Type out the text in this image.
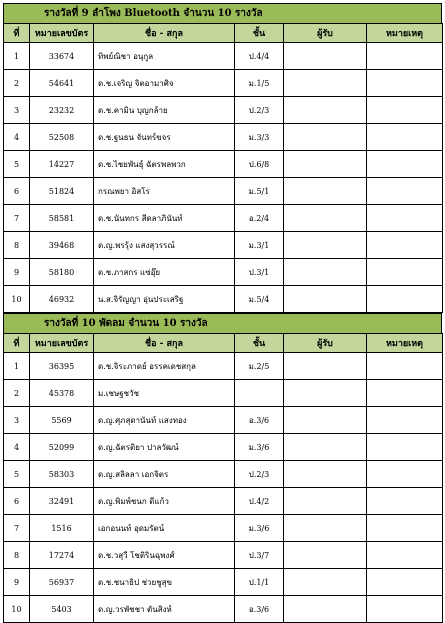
รางวัลที่ 9 ลำโพง Bluetooth จำนวน 10 รางวัล
ที่	หมายเลขบัตร	ชื่อ - สกุล	ชั้น	ผู้รับ	หมายเหตุ
1	33674	ทิพย์ณิชา อนุกูล	ป.4/4		
2	54641	ด.ช.เจริญ จิตอามาศิจ	ม.1/5		
3	23232	ด.ช.คามิน บุญกล้าย	ป.2/3		
4	52508	ด.ช.ฐนธน จันทร์ขจร	ม.3/3		
5	14227	ด.ช.ไชยพันธุ์ ฉัตรพลพวก	ป.6/8		
6	51824	กรณพยา อิสโร	ม.5/1		
7	58581	ด.ช.นันทกร สีดลาภินันท์	อ.2/4		
8	39468	ด.ญ.พรรุ้ง แสงสุวรรณ์	ม.3/1		
9	58180	ด.ช.ภาสกร แซ่อุ๊ย	ป.3/1		
10	46932	น.ส.จิรัญญา อุ่นประเสริฐ	ม.5/4		
รางวัลที่ 10 พัดลม จำนวน 10 รางวัล
ที่	หมายเลขบัตร	ชื่อ - สกุล	ชั้น	ผู้รับ	หมายเหตุ
1	36395	ด.ช.จิระภาดย์ อรรคเดชสกุล	ม.2/5		
2	45378	ม.เชษฐชวัช			
3	5569	ด.ญ.ศุภสุดานันท์ แสงทอง	อ.3/6		
4	52099	ด.ญ.ฉัตรติยา ปาลวัฒน์	ม.3/6		
5	58303	ด.ญ.สลิลลา เอกจิตร	ป.2/3		
6	32491	ด.ญ.พิมพ์ชนก ดีแก้ว	ป.4/2		
7	1516	เอกอนนท์ อุดมรัตน์	ม.3/6		
8	17274	ด.ช.วสุวี โชติรินฉุพงศ์	ป.3/7		
9	56937	ด.ช.ชนาธิป ช่วยชูสุข	ป.1/1		
10	5403	ด.ญ.วรพัชชา ตันสิงห์	อ.3/6		
